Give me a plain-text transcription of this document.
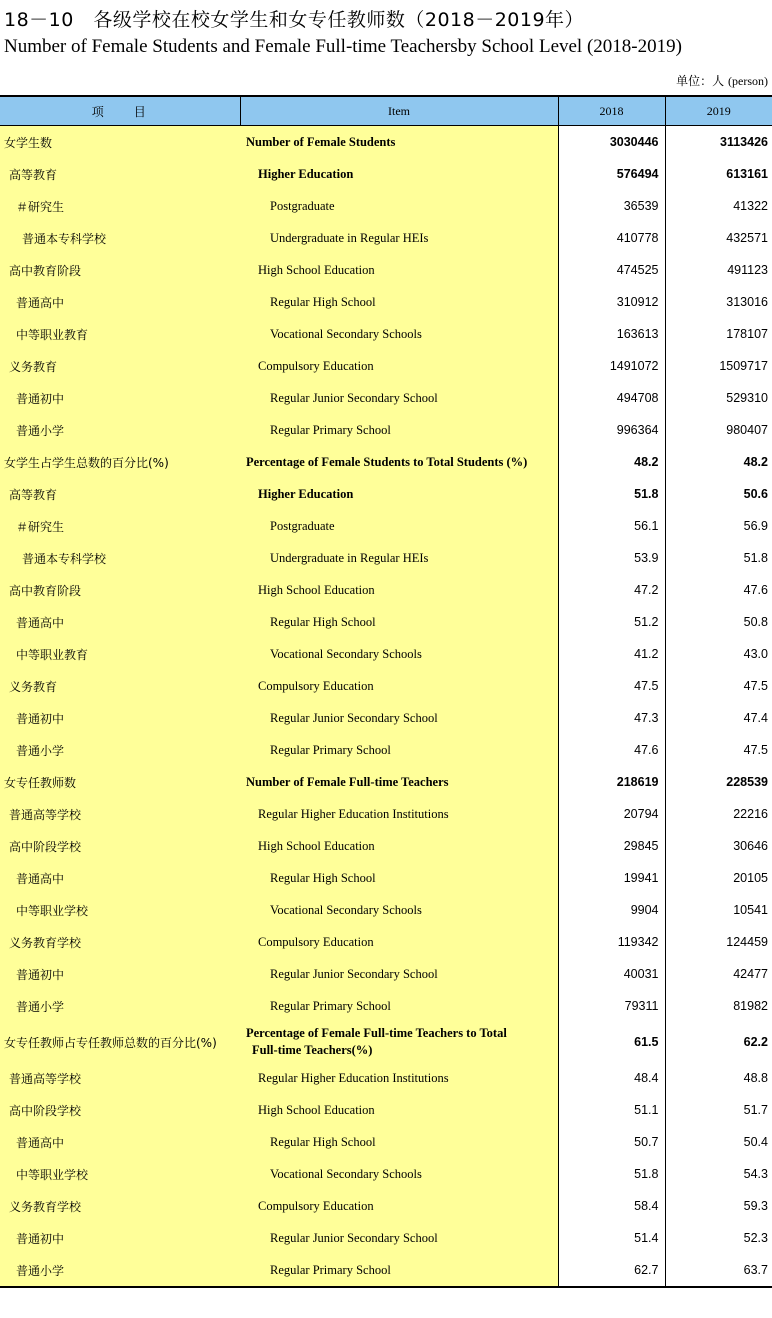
18－10　各级学校在校女学生和女专任教师数（2018－2019年）
Number of Female Students and Female Full-time Teachersby School Level (2018-2019)
单位：人 (person)
项　　目	Item	2018	2019
女学生数	Number of Female Students	3030446	3113426
高等教育	Higher Education	576494	613161
＃研究生	Postgraduate	36539	41322
普通本专科学校	Undergraduate in Regular HEIs	410778	432571
高中教育阶段	High School Education	474525	491123
普通高中	Regular High School	310912	313016
中等职业教育	Vocational Secondary Schools	163613	178107
义务教育	Compulsory Education	1491072	1509717
普通初中	Regular Junior Secondary School	494708	529310
普通小学	Regular Primary School	996364	980407
女学生占学生总数的百分比(%)	Percentage of Female Students to Total Students (%)	48.2	48.2
高等教育	Higher Education	51.8	50.6
＃研究生	Postgraduate	56.1	56.9
普通本专科学校	Undergraduate in Regular HEIs	53.9	51.8
高中教育阶段	High School Education	47.2	47.6
普通高中	Regular High School	51.2	50.8
中等职业教育	Vocational Secondary Schools	41.2	43.0
义务教育	Compulsory Education	47.5	47.5
普通初中	Regular Junior Secondary School	47.3	47.4
普通小学	Regular Primary School	47.6	47.5
女专任教师数	Number of Female Full-time Teachers	218619	228539
普通高等学校	Regular Higher Education Institutions	20794	22216
高中阶段学校	High School Education	29845	30646
普通高中	Regular High School	19941	20105
中等职业学校	Vocational Secondary Schools	9904	10541
义务教育学校	Compulsory Education	119342	124459
普通初中	Regular Junior Secondary School	40031	42477
普通小学	Regular Primary School	79311	81982
女专任教师占专任教师总数的百分比(%)	Percentage of Female Full-time Teachers to Total
Full-time Teachers(%)	61.5	62.2
普通高等学校	Regular Higher Education Institutions	48.4	48.8
高中阶段学校	High School Education	51.1	51.7
普通高中	Regular High School	50.7	50.4
中等职业学校	Vocational Secondary Schools	51.8	54.3
义务教育学校	Compulsory Education	58.4	59.3
普通初中	Regular Junior Secondary School	51.4	52.3
普通小学	Regular Primary School	62.7	63.7
